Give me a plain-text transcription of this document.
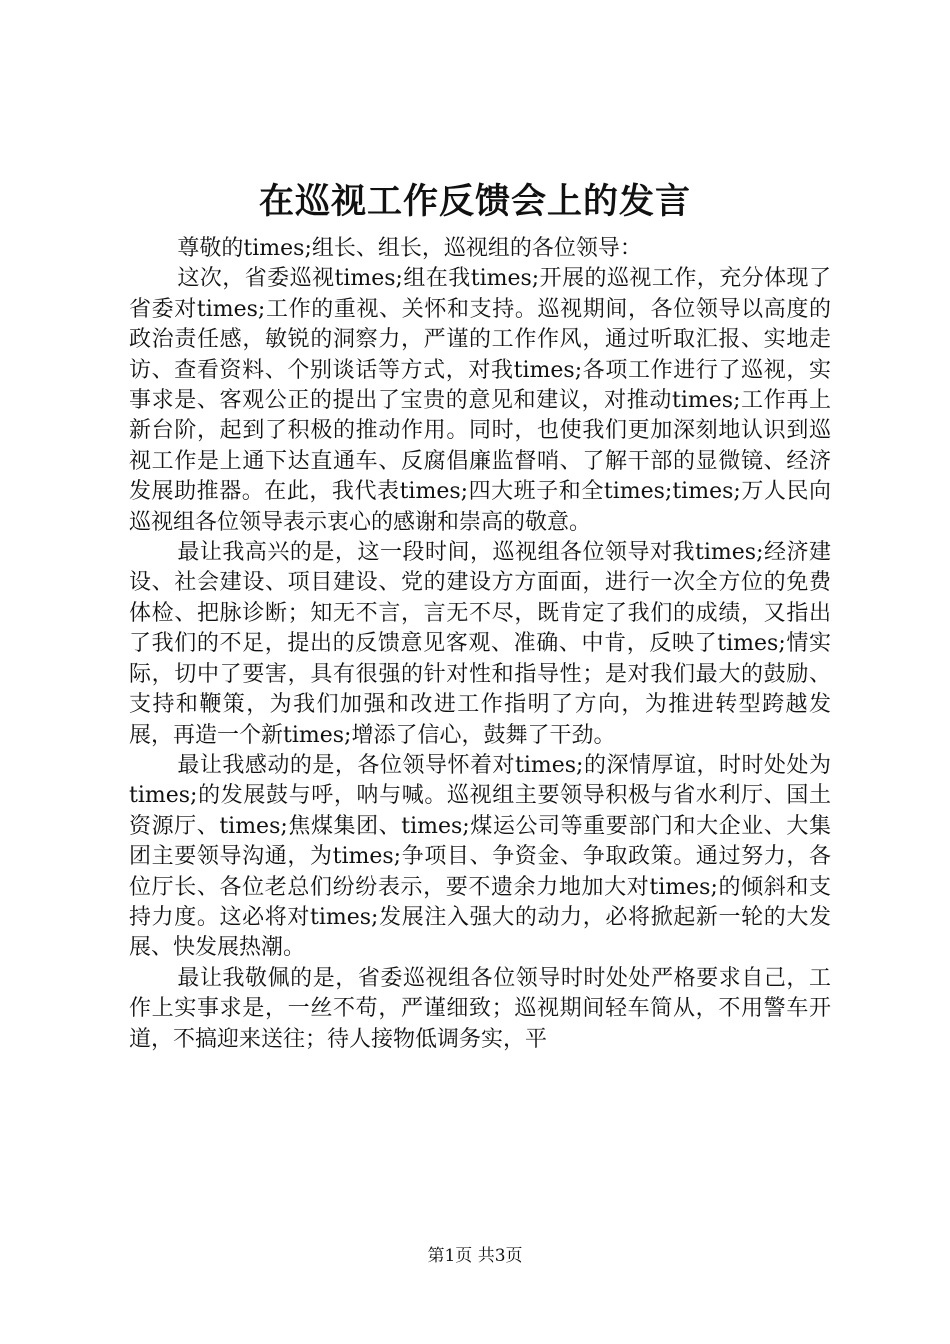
在巡视工作反馈会上的发言

尊敬的times;组长、组长，巡视组的各位领导：

这次，省委巡视times;组在我times;开展的巡视工作，充分体现了省委对times;工作的重视、关怀和支持。巡视期间，各位领导以高度的政治责任感，敏锐的洞察力，严谨的工作作风，通过听取汇报、实地走访、查看资料、个别谈话等方式，对我times;各项工作进行了巡视，实事求是、客观公正的提出了宝贵的意见和建议，对推动times;工作再上新台阶，起到了积极的推动作用。同时，也使我们更加深刻地认识到巡视工作是上通下达直通车、反腐倡廉监督哨、了解干部的显微镜、经济发展助推器。在此，我代表times;四大班子和全times;times;万人民向巡视组各位领导表示衷心的感谢和崇高的敬意。

最让我高兴的是，这一段时间，巡视组各位领导对我times;经济建设、社会建设、项目建设、党的建设方方面面，进行一次全方位的免费体检、把脉诊断；知无不言，言无不尽，既肯定了我们的成绩，又指出了我们的不足，提出的反馈意见客观、准确、中肯，反映了times;情实际，切中了要害，具有很强的针对性和指导性；是对我们最大的鼓励、支持和鞭策，为我们加强和改进工作指明了方向，为推进转型跨越发展，再造一个新times;增添了信心，鼓舞了干劲。

最让我感动的是，各位领导怀着对times;的深情厚谊，时时处处为times;的发展鼓与呼，呐与喊。巡视组主要领导积极与省水利厅、国土资源厅、times;焦煤集团、times;煤运公司等重要部门和大企业、大集团主要领导沟通，为times;争项目、争资金、争取政策。通过努力，各位厅长、各位老总们纷纷表示，要不遗余力地加大对times;的倾斜和支持力度。这必将对times;发展注入强大的动力，必将掀起新一轮的大发展、快发展热潮。

最让我敬佩的是，省委巡视组各位领导时时处处严格要求自己，工作上实事求是，一丝不苟，严谨细致；巡视期间轻车简从，不用警车开道，不搞迎来送往；待人接物低调务实，平

第1页 共3页
